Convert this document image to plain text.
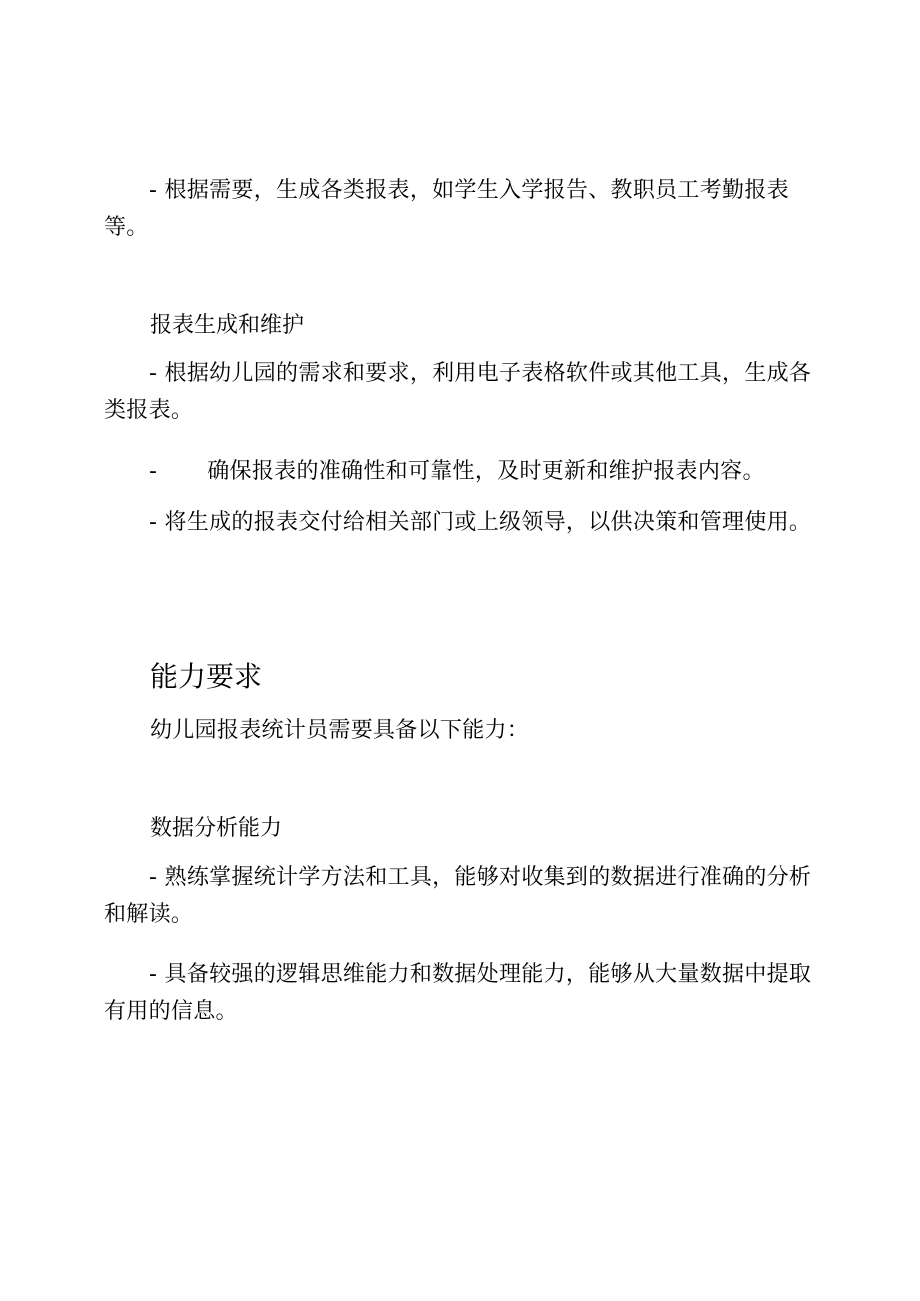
- 根据需要，生成各类报表，如学生入学报告、教职员工考勤报表等。

报表生成和维护

- 根据幼儿园的需求和要求，利用电子表格软件或其他工具，生成各类报表。

- 确保报表的准确性和可靠性，及时更新和维护报表内容。

- 将生成的报表交付给相关部门或上级领导，以供决策和管理使用。

能力要求

幼儿园报表统计员需要具备以下能力：

数据分析能力

- 熟练掌握统计学方法和工具，能够对收集到的数据进行准确的分析和解读。

- 具备较强的逻辑思维能力和数据处理能力，能够从大量数据中提取有用的信息。
